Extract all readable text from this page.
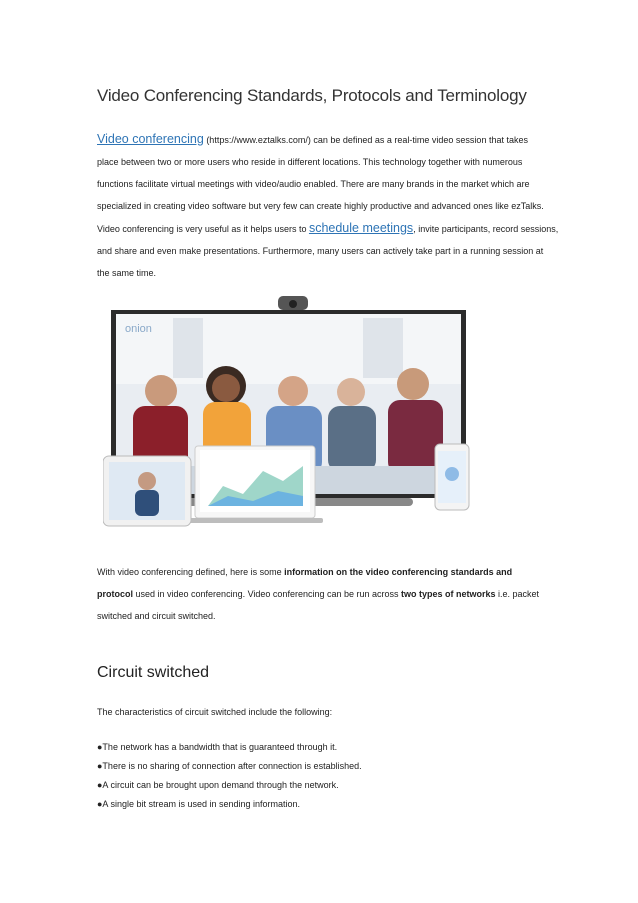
Video Conferencing Standards, Protocols and Terminology
Video conferencing (https://www.eztalks.com/) can be defined as a real-time video session that takes
place between two or more users who reside in different locations. This technology together with numerous
functions facilitate virtual meetings with video/audio enabled. There are many brands in the market which are
specialized in creating video software but very few can create highly productive and advanced ones like ezTalks.
Video conferencing is very useful as it helps users to schedule meetings, invite participants, record sessions,
and share and even make presentations. Furthermore, many users can actively take part in a running session at
the same time.
onion
With video conferencing defined, here is some information on the video conferencing standards and
protocol used in video conferencing. Video conferencing can be run across two types of networks i.e. packet
switched and circuit switched.
Circuit switched
The characteristics of circuit switched include the following:
●The network has a bandwidth that is guaranteed through it.
●There is no sharing of connection after connection is established.
●A circuit can be brought upon demand through the network.
●A single bit stream is used in sending information.
